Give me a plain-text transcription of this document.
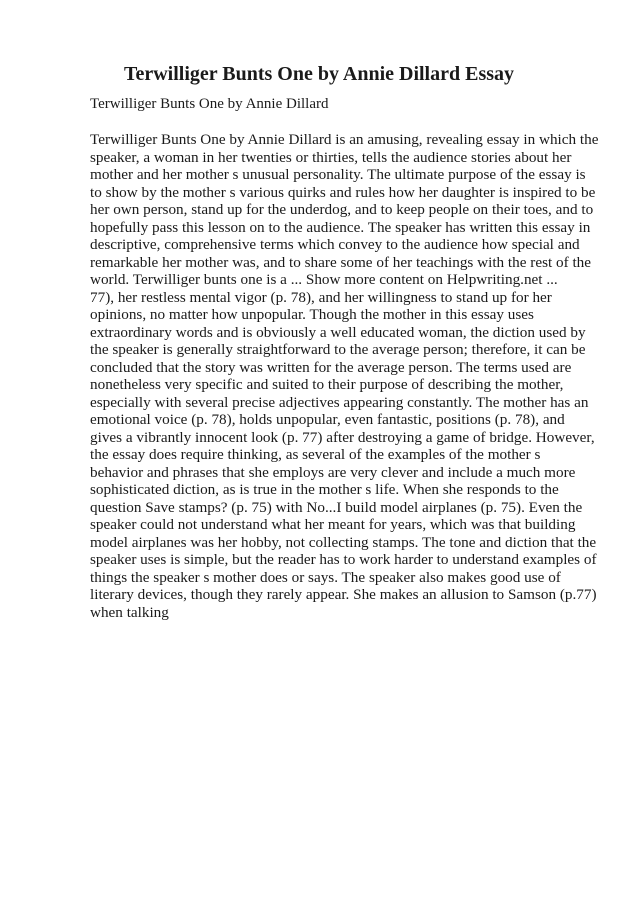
Terwilliger Bunts One by Annie Dillard Essay
Terwilliger Bunts One by Annie Dillard
Terwilliger Bunts One by Annie Dillard is an amusing, revealing essay in which the
speaker, a woman in her twenties or thirties, tells the audience stories about her
mother and her mother s unusual personality. The ultimate purpose of the essay is
to show by the mother s various quirks and rules how her daughter is inspired to be
her own person, stand up for the underdog, and to keep people on their toes, and to
hopefully pass this lesson on to the audience. The speaker has written this essay in
descriptive, comprehensive terms which convey to the audience how special and
remarkable her mother was, and to share some of her teachings with the rest of the
world. Terwilliger bunts one is a ... Show more content on Helpwriting.net ...
77), her restless mental vigor (p. 78), and her willingness to stand up for her
opinions, no matter how unpopular. Though the mother in this essay uses
extraordinary words and is obviously a well educated woman, the diction used by
the speaker is generally straightforward to the average person; therefore, it can be
concluded that the story was written for the average person. The terms used are
nonetheless very specific and suited to their purpose of describing the mother,
especially with several precise adjectives appearing constantly. The mother has an
emotional voice (p. 78), holds unpopular, even fantastic, positions (p. 78), and
gives a vibrantly innocent look (p. 77) after destroying a game of bridge. However,
the essay does require thinking, as several of the examples of the mother s
behavior and phrases that she employs are very clever and include a much more
sophisticated diction, as is true in the mother s life. When she responds to the
question Save stamps? (p. 75) with No...I build model airplanes (p. 75). Even the
speaker could not understand what her meant for years, which was that building
model airplanes was her hobby, not collecting stamps. The tone and diction that the
speaker uses is simple, but the reader has to work harder to understand examples of
things the speaker s mother does or says. The speaker also makes good use of
literary devices, though they rarely appear. She makes an allusion to Samson (p.77)
when talking
